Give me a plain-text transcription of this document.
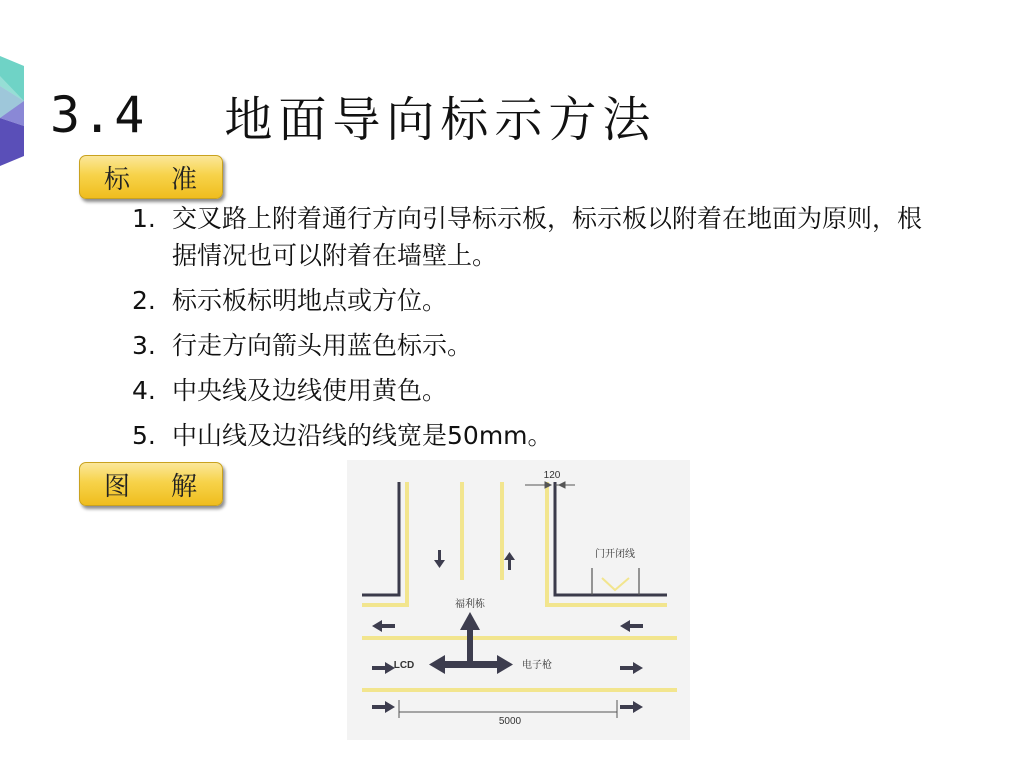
3.4 地面导向标示方法
标 准
1. 交叉路上附着通行方向引导标示板，标示板以附着在地面为原则，根据情况也可以附着在墙壁上。
2. 标示板标明地点或方位。
3. 行走方向箭头用蓝色标示。
4. 中央线及边线使用黄色。
5. 中山线及边沿线的线宽是50mm。
图 解	120
门开闭线
福利栋
LCD	电子枪
5000
